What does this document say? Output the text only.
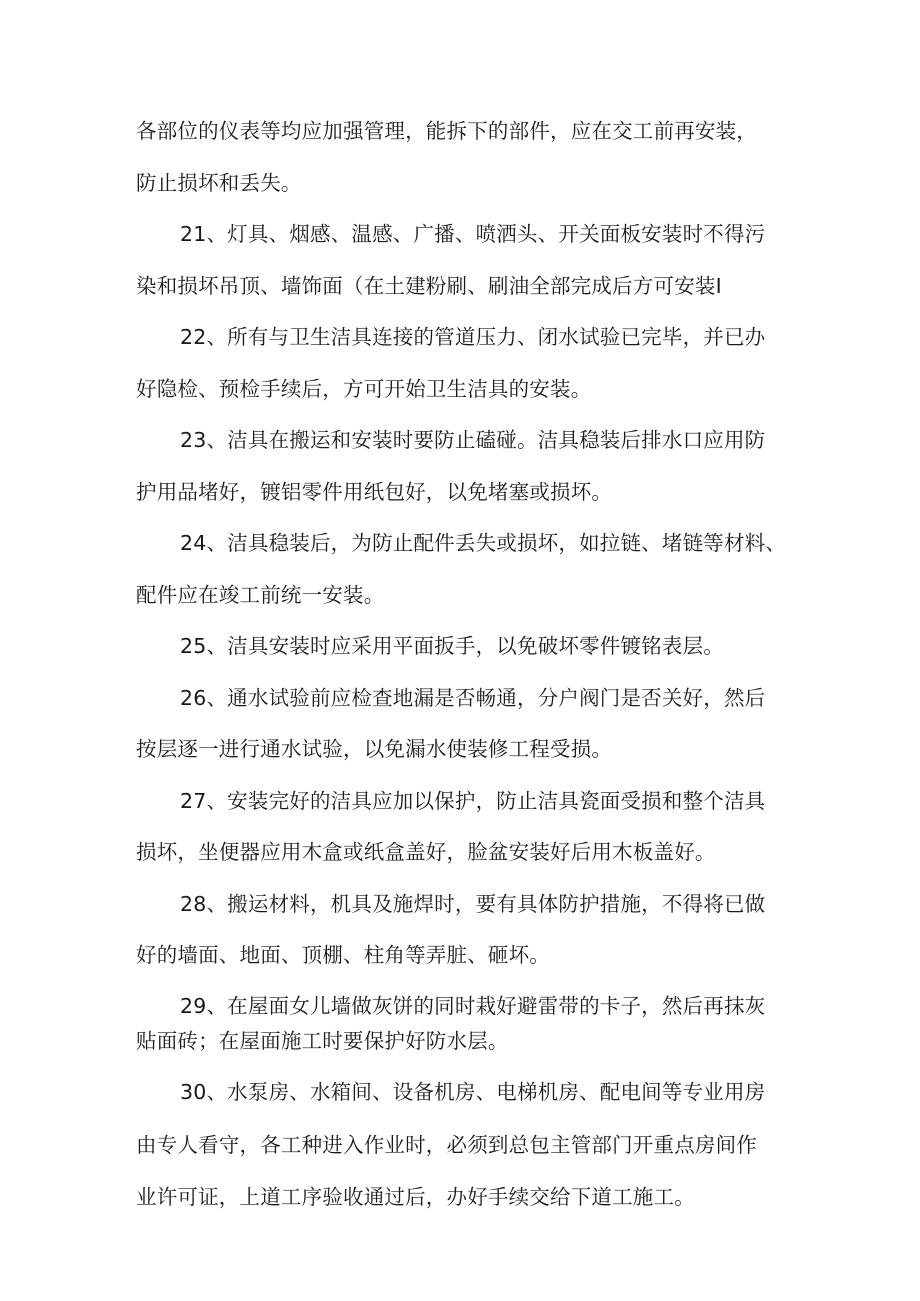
各部位的仪表等均应加强管理，能拆下的部件，应在交工前再安装，
防止损坏和丢失。
21、灯具、烟感、温感、广播、喷洒头、开关面板安装时不得污
染和损坏吊顶、墙饰面（在土建粉刷、刷油全部完成后方可安装I
22、所有与卫生洁具连接的管道压力、闭水试验已完毕，并已办
好隐检、预检手续后，方可开始卫生洁具的安装。
23、洁具在搬运和安装时要防止磕碰。洁具稳装后排水口应用防
护用品堵好，镀铝零件用纸包好，以免堵塞或损坏。
24、洁具稳装后，为防止配件丢失或损坏，如拉链、堵链等材料、
配件应在竣工前统一安装。
25、洁具安装时应采用平面扳手，以免破坏零件镀铭表层。
26、通水试验前应检查地漏是否畅通，分户阀门是否关好，然后
按层逐一进行通水试验，以免漏水使装修工程受损。
27、安装完好的洁具应加以保护，防止洁具瓷面受损和整个洁具
损坏，坐便器应用木盒或纸盒盖好，脸盆安装好后用木板盖好。
28、搬运材料，机具及施焊时，要有具体防护措施，不得将已做
好的墙面、地面、顶棚、柱角等弄脏、砸坏。
29、在屋面女儿墙做灰饼的同时栽好避雷带的卡子，然后再抹灰
贴面砖；在屋面施工时要保护好防水层。
30、水泵房、水箱间、设备机房、电梯机房、配电间等专业用房
由专人看守，各工种进入作业时，必须到总包主管部门开重点房间作
业许可证，上道工序验收通过后，办好手续交给下道工施工。
